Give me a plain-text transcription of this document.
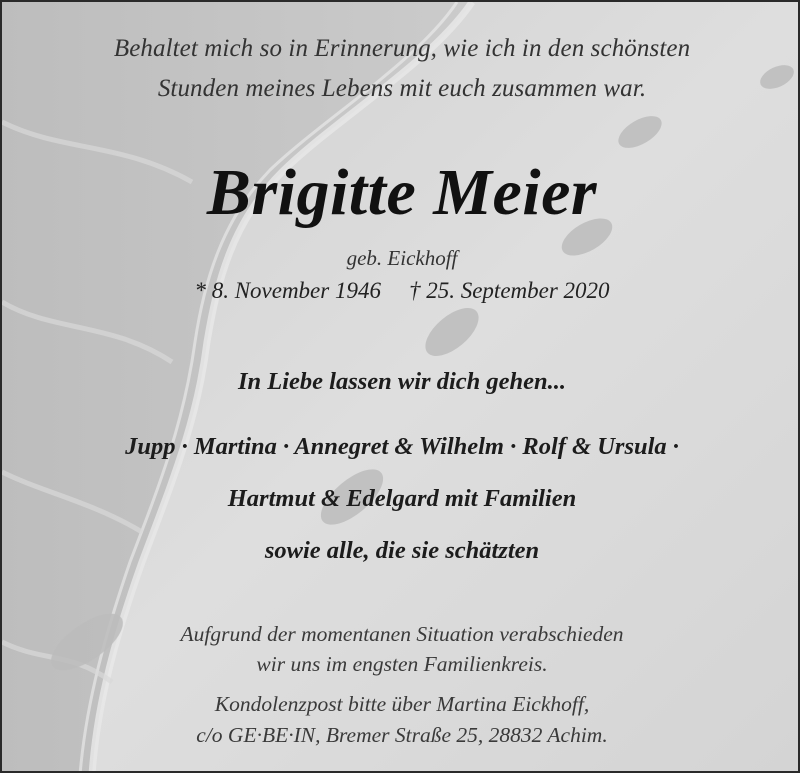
Behaltet mich so in Erinnerung, wie ich in den schönsten
Stunden meines Lebens mit euch zusammen war.
Brigitte Meier
geb. Eickhoff
* 8. November 1946 † 25. September 2020
In Liebe lassen wir dich gehen...
Jupp · Martina · Annegret & Wilhelm · Rolf & Ursula ·
Hartmut & Edelgard mit Familien
sowie alle, die sie schätzten
Aufgrund der momentanen Situation verabschieden
wir uns im engsten Familienkreis.
Kondolenzpost bitte über Martina Eickhoff,
c/o GE·BE·IN, Bremer Straße 25, 28832 Achim.
